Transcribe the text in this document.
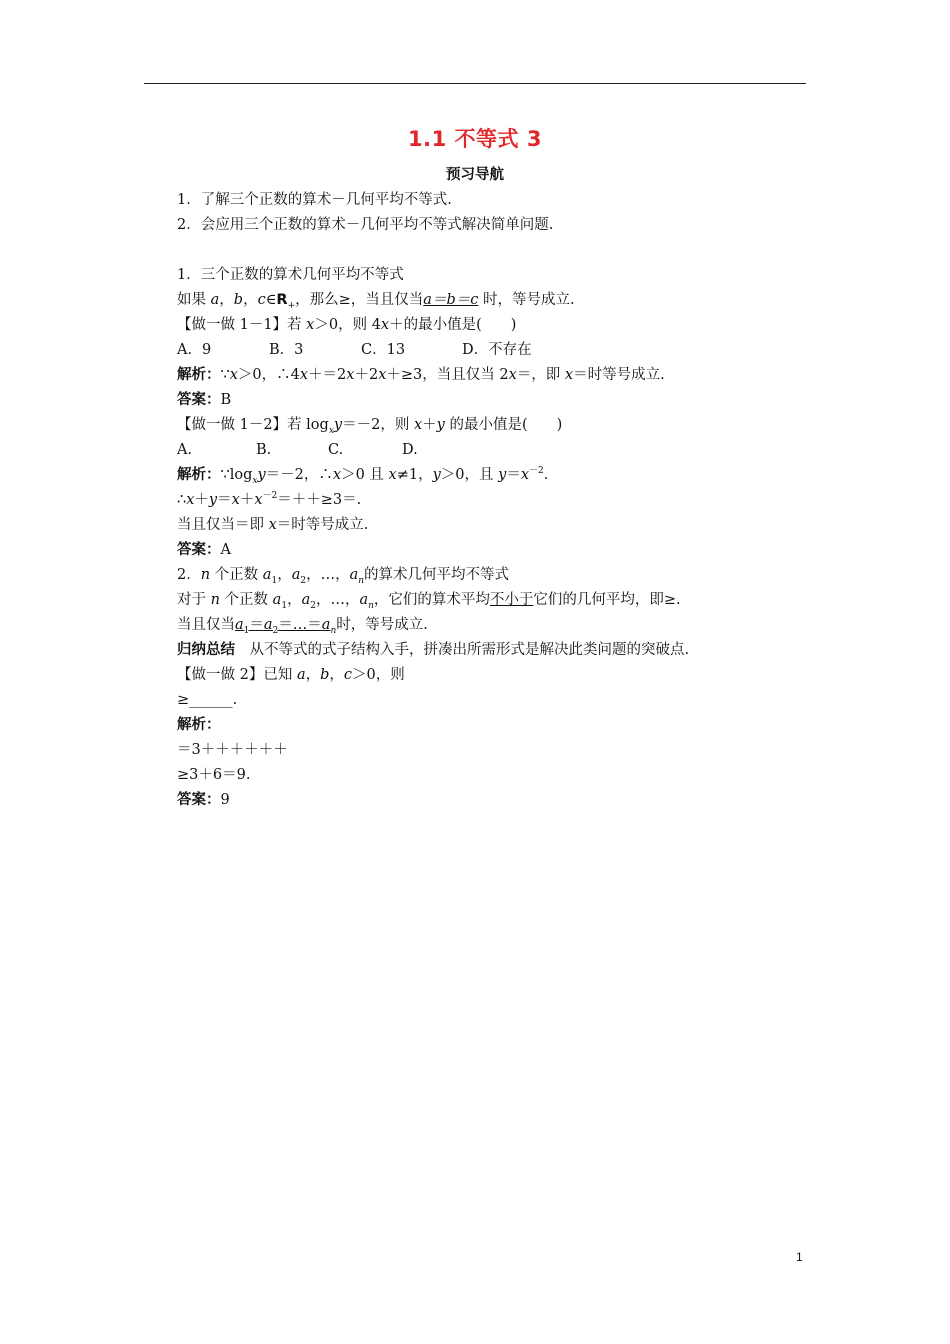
1.1 不等式 3
预习导航
1．了解三个正数的算术－几何平均不等式.
2．会应用三个正数的算术－几何平均不等式解决简单问题.
1．三个正数的算术几何平均不等式
如果 a，b，$c\in R_+$，那么≥，当且仅当a＝b＝c 时，等号成立.
【做一做 1－1】若 x＞0，则 4x＋的最小值是(　　)
A．9	B．3	C．13	D．不存在
解析：∵x＞0，∴4x＋＝2x＋2x＋≥3，当且仅当 2x＝，即 x＝时等号成立.
答案：B
【做一做 1－2】若 $\log_xy=-2$，则 x＋y 的最小值是(　　)
A.	B.	C.	D.
解析：$\because\log_xy=-2$，∴x＞0 且 x≠1，y＞0，且 $y=x^{-2}$.
$\therefore x+y=x+x^{-2}=++\ge 3=$.
当且仅当＝即 x＝时等号成立.
答案：A
2．n 个正数 $a_1$，$a_2$，…，$a_n$的算术几何平均不等式
对于 n 个正数 $a_1$，$a_2$，…，$a_n$，它们的算术平均不小于它们的几何平均，即≥.
当且仅当$a_1=a_2=\dots=a_n$时，等号成立.
归纳总结　从不等式的式子结构入手，拼凑出所需形式是解决此类问题的突破点.
【做一做 2】已知 a，b，c＞0，则
≥______.
解析：
＝3＋＋＋＋＋＋
≥3＋6＝9.
答案：9
1
